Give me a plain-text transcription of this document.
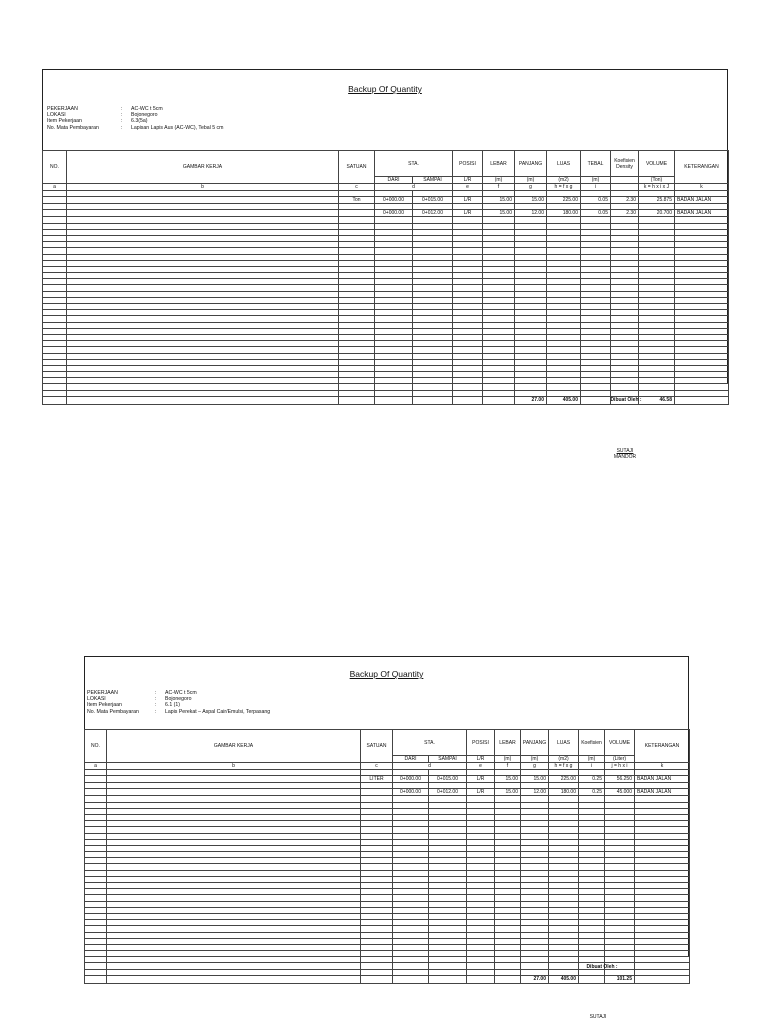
Backup Of Quantity
PEKERJAAN	:	AC-WC t 5cm
LOKASI	:	Bojonegoro
Item Pekerjaan	:	6.3(5a)
No. Mata Pembayaran	:	Lapisan Lapis Aus (AC-WC), Tebal 5 cm
NO.	GAMBAR KERJA	SATUAN	STA.		POSISI	LEBAR	PANJANG	LUAS	TEBAL	Koefisien Density	VOLUME	KETERANGAN
			DARI	SAMPAI	L/R	(m)	(m)	(m2)	(m)		(Ton)	
a	b	c	d		e	f	g	h = f x g	i		k = h x i x J	k

		Ton	0+000.00	0+015.00	L/R	15.00	15.00	225.00	0.05	2.30	25.875	BADAN JALAN

			0+000.00	0+012.00	L/R	15.00	12.00	180.00	0.05	2.30	20.700	BADAN JALAN

							27.00	405.00			46.58	
Dibuat Oleh :
SUTAJI
MANDOR
Backup Of Quantity
PEKERJAAN	:	AC-WC t 5cm
LOKASI	:	Bojonegoro
Item Pekerjaan	:	6.1 (1)
No. Mata Pembayaran	:	Lapis Perekat – Aspal Cair/Emulsi, Terpasang
NO.	GAMBAR KERJA	SATUAN	STA.		POSISI	LEBAR	PANJANG	LUAS	Koefisien	VOLUME	KETERANGAN
			DARI	SAMPAI	L/R	(m)	(m)	(m2)	(m)	(Liter)	
a	b	c	d		e	f	g	h = f x g	i	j = h x i	k

		LITER	0+000.00	0+015.00	L/R	15.00	15.00	225.00	0.25	56.250	BADAN JALAN

			0+000.00	0+012.00	L/R	15.00	12.00	180.00	0.25	45.000	BADAN JALAN

							27.00	405.00		101.25	
Dibuat Oleh :
SUTAJI
